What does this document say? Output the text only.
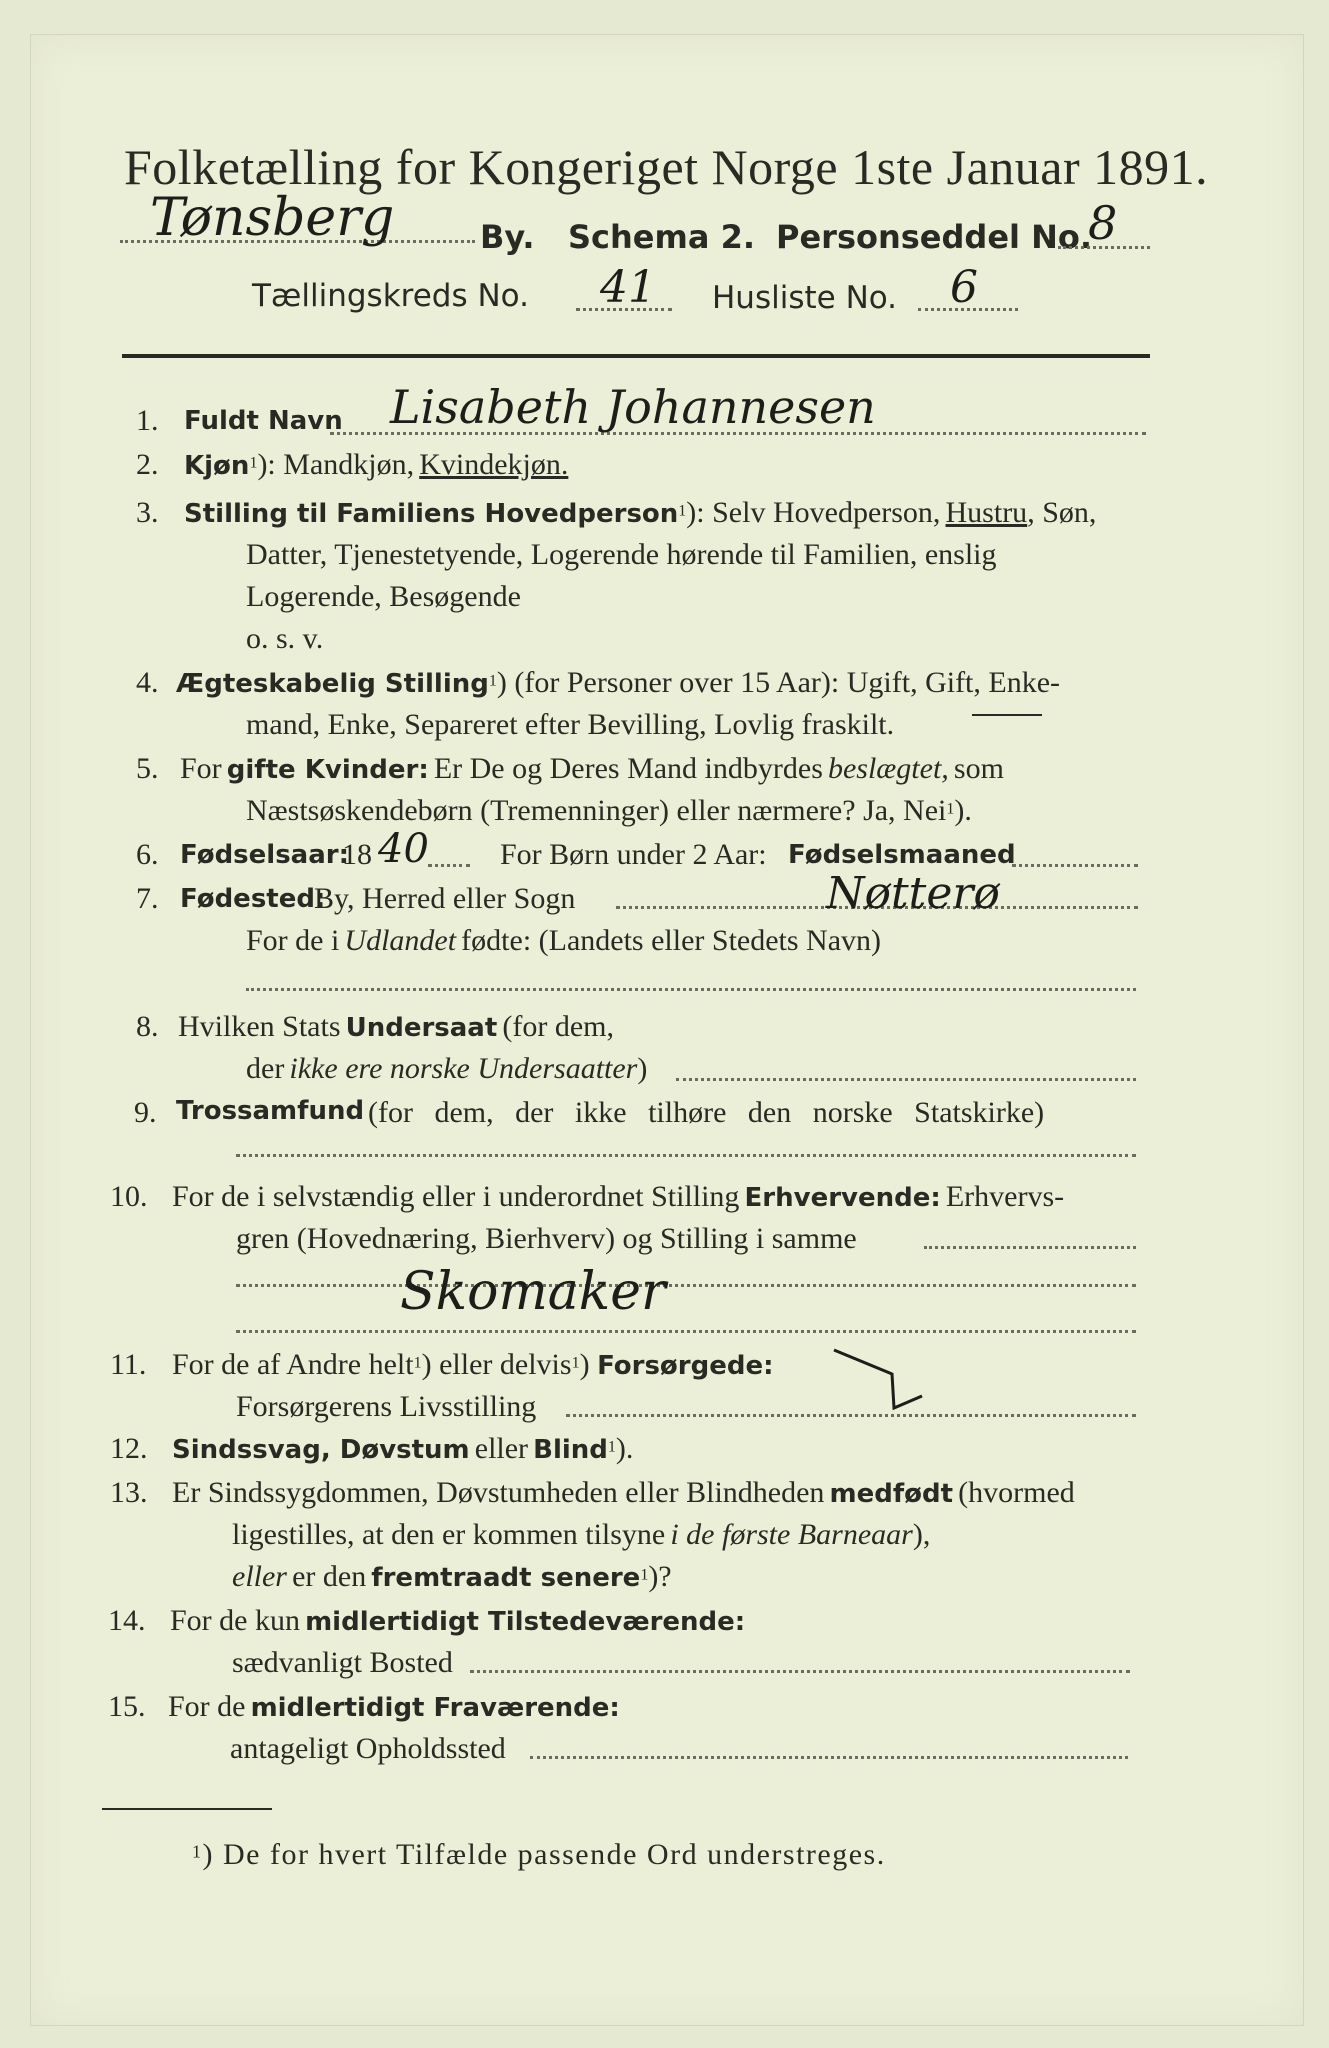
Folketælling for Kongeriget Norge 1ste Januar 1891.
Tønsberg	By. Schema 2. Personseddel No.
8
Tællingskreds No. 41 Husliste No. 6
1. Fuldt Navn Lisabeth Johannesen
2. Kjøn$^1$): Mandkjøn, Kvindekjøn.
3. Stilling til Familiens Hovedperson$^1$): Selv Hovedperson, Hustru, Søn,
Datter, Tjenestetyende, Logerende hørende til Familien, enslig
Logerende, Besøgende
o. s. v.
4. Ægteskabelig Stilling$^1$) (for Personer over 15 Aar): Ugift, Gift, Enke-
mand, Enke, Separeret efter Bevilling, Lovlig fraskilt.
5. For gifte Kvinder: Er De og Deres Mand indbyrdes beslægtet, som
Næstsøskendebørn (Tremenninger) eller nærmere? Ja, Nei$^1$).
6. Fødselsaar:
18 40 For Børn under 2 Aar: Fødselsmaaned
7. Fødested:
By, Herred eller Sogn	Nøtterø
For de i Udlandet fødte: (Landets eller Stedets Navn)
8. Hvilken Stats Undersaat (for dem,
der ikke ere norske Undersaatter)
9. Trossamfund (for dem, der ikke tilhøre den norske Statskirke)
10. For de i selvstændig eller i underordnet Stilling Erhvervende: Erhvervs-
gren (Hovednæring, Bierhverv) og Stilling i samme
Skomaker
11. For de af Andre helt$^1$) eller delvis$^1$) Forsørgede:
Forsørgerens Livsstilling
12. Sindssvag, Døvstum eller Blind$^1$).
13. Er Sindssygdommen, Døvstumheden eller Blindheden medfødt (hvormed
ligestilles, at den er kommen tilsyne i de første Barneaar),
eller er den fremtraadt senere$^1$)?
14. For de kun midlertidigt Tilstedeværende:
sædvanligt Bosted
15. For de midlertidigt Fraværende:
antageligt Opholdssted
$^1$) De for hvert Tilfælde passende Ord understreges.
